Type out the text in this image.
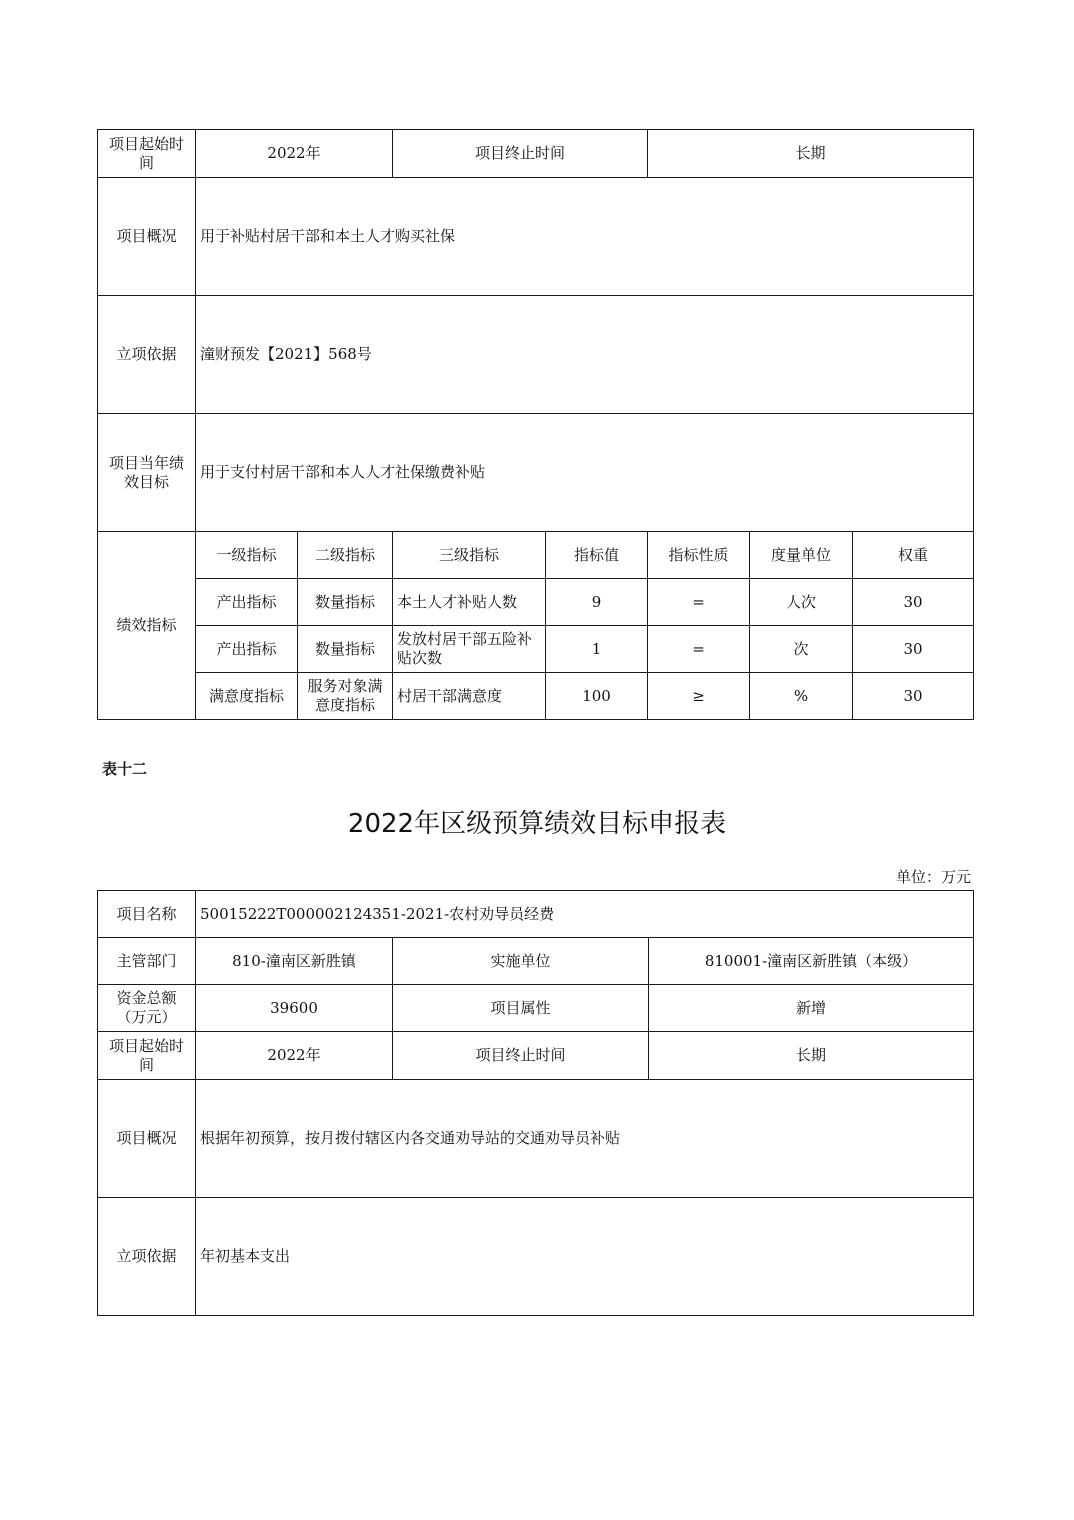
项目起始时间	2022年		项目终止时间		长期		
项目概况	用于补贴村居干部和本土人才购买社保						
立项依据	潼财预发【2021】568号						
项目当年绩效目标	用于支付村居干部和本人人才社保缴费补贴						
绩效指标	一级指标	二级指标	三级指标	指标值	指标性质	度量单位	权重
	产出指标	数量指标	本土人才补贴人数	9	=	人次	30
	产出指标	数量指标	发放村居干部五险补贴次数	1	=	次	30
	满意度指标	服务对象满意度指标	村居干部满意度	100	≥	%	30
表十二
2022年区级预算绩效目标申报表
单位：万元
项目名称	50015222T000002124351-2021-农村劝导员经费		
主管部门	810-潼南区新胜镇	实施单位	810001-潼南区新胜镇（本级）
资金总额（万元）	39600	项目属性	新增
项目起始时间	2022年	项目终止时间	长期
项目概况	根据年初预算，按月拨付辖区内各交通劝导站的交通劝导员补贴		
立项依据	年初基本支出		
